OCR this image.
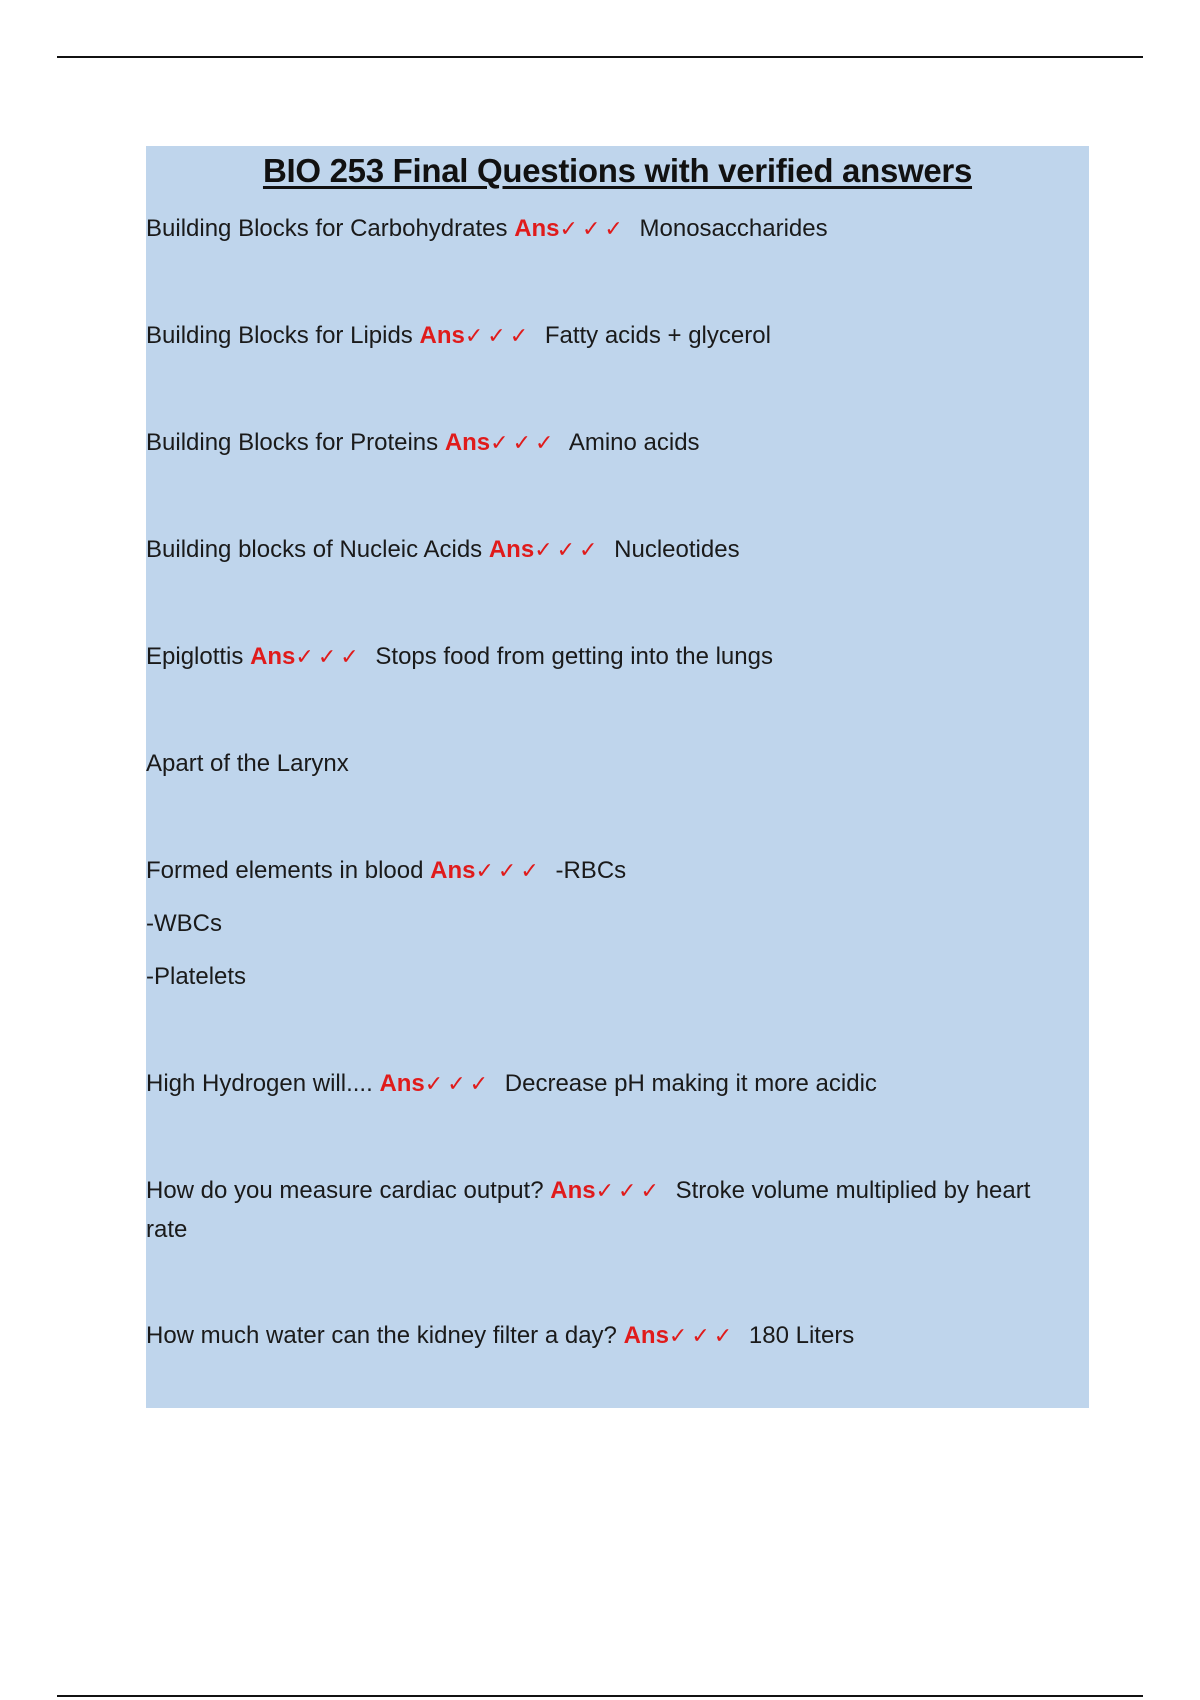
BIO 253 Final Questions with verified answers
Building Blocks for Carbohydrates Ans✓✓✓ Monosaccharides
Building Blocks for Lipids Ans✓✓✓ Fatty acids + glycerol
Building Blocks for Proteins Ans✓✓✓ Amino acids
Building blocks of Nucleic Acids Ans✓✓✓ Nucleotides
Epiglottis Ans✓✓✓ Stops food from getting into the lungs
Apart of the Larynx
Formed elements in blood Ans✓✓✓ -RBCs
-WBCs
-Platelets
High Hydrogen will.... Ans✓✓✓ Decrease pH making it more acidic
How do you measure cardiac output? Ans✓✓✓ Stroke volume multiplied by heart rate
How much water can the kidney filter a day? Ans✓✓✓ 180 Liters
